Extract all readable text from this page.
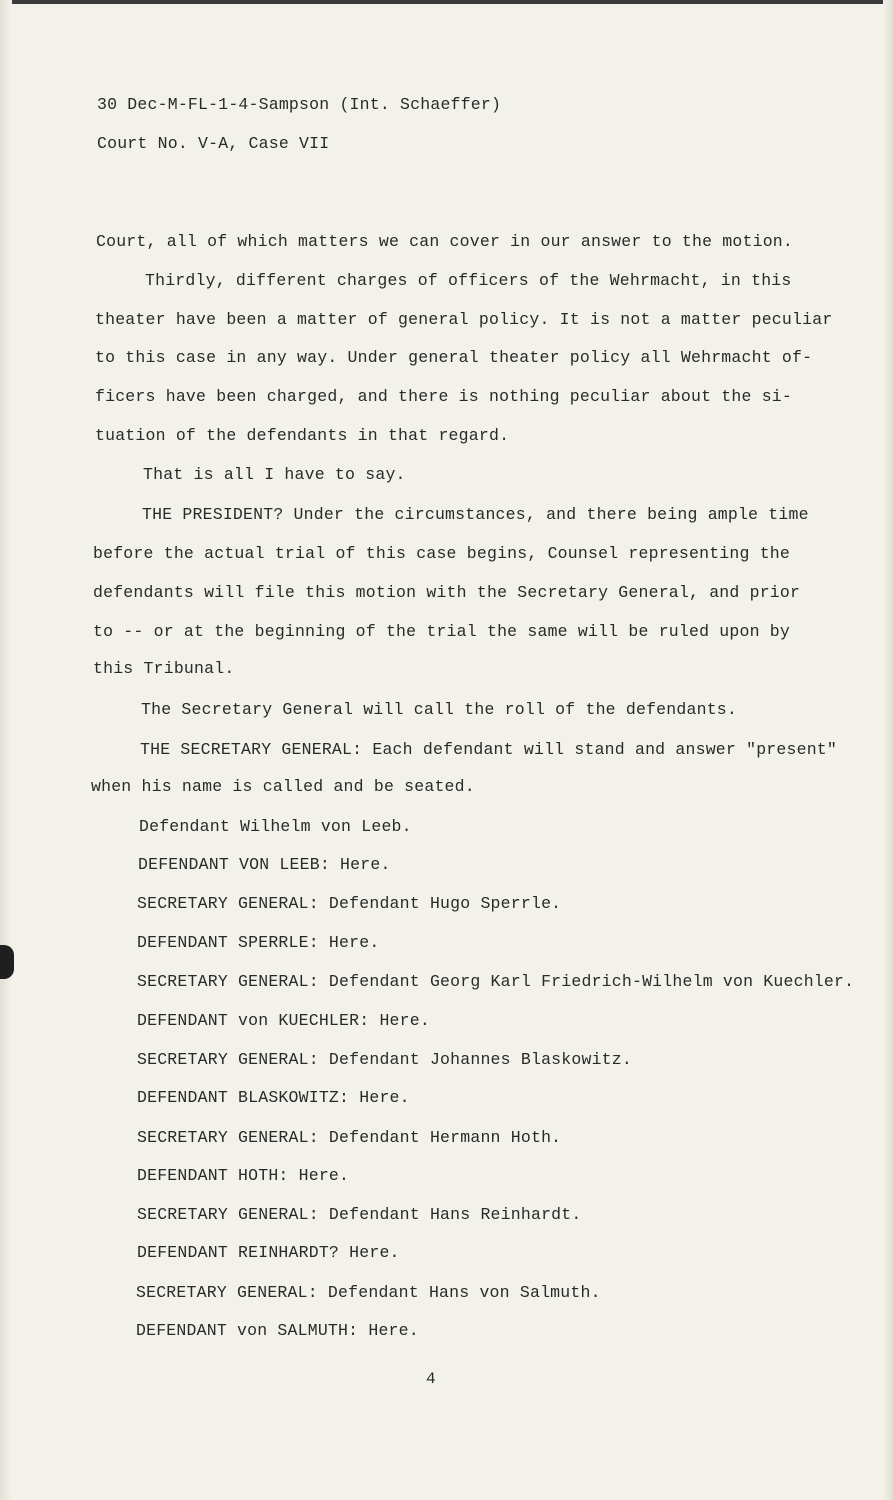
30 Dec-M-FL-1-4-Sampson (Int. Schaeffer)
Court No. V-A, Case VII
Court, all of which matters we can cover in our answer to the motion.
Thirdly, different charges of officers of the Wehrmacht, in this
theater have been a matter of general policy. It is not a matter peculiar
to this case in any way. Under general theater policy all Wehrmacht of-
ficers have been charged, and there is nothing peculiar about the si-
tuation of the defendants in that regard.
That is all I have to say.
THE PRESIDENT? Under the circumstances, and there being ample time
before the actual trial of this case begins, Counsel representing the
defendants will file this motion with the Secretary General, and prior
to -- or at the beginning of the trial the same will be ruled upon by
this Tribunal.
The Secretary General will call the roll of the defendants.
THE SECRETARY GENERAL: Each defendant will stand and answer "present"
when his name is called and be seated.
Defendant Wilhelm von Leeb.
DEFENDANT VON LEEB: Here.
SECRETARY GENERAL: Defendant Hugo Sperrle.
DEFENDANT SPERRLE: Here.
SECRETARY GENERAL: Defendant Georg Karl Friedrich-Wilhelm von Kuechler.
DEFENDANT von KUECHLER: Here.
SECRETARY GENERAL: Defendant Johannes Blaskowitz.
DEFENDANT BLASKOWITZ: Here.
SECRETARY GENERAL: Defendant Hermann Hoth.
DEFENDANT HOTH: Here.
SECRETARY GENERAL: Defendant Hans Reinhardt.
DEFENDANT REINHARDT? Here.
SECRETARY GENERAL: Defendant Hans von Salmuth.
DEFENDANT von SALMUTH: Here.
4
